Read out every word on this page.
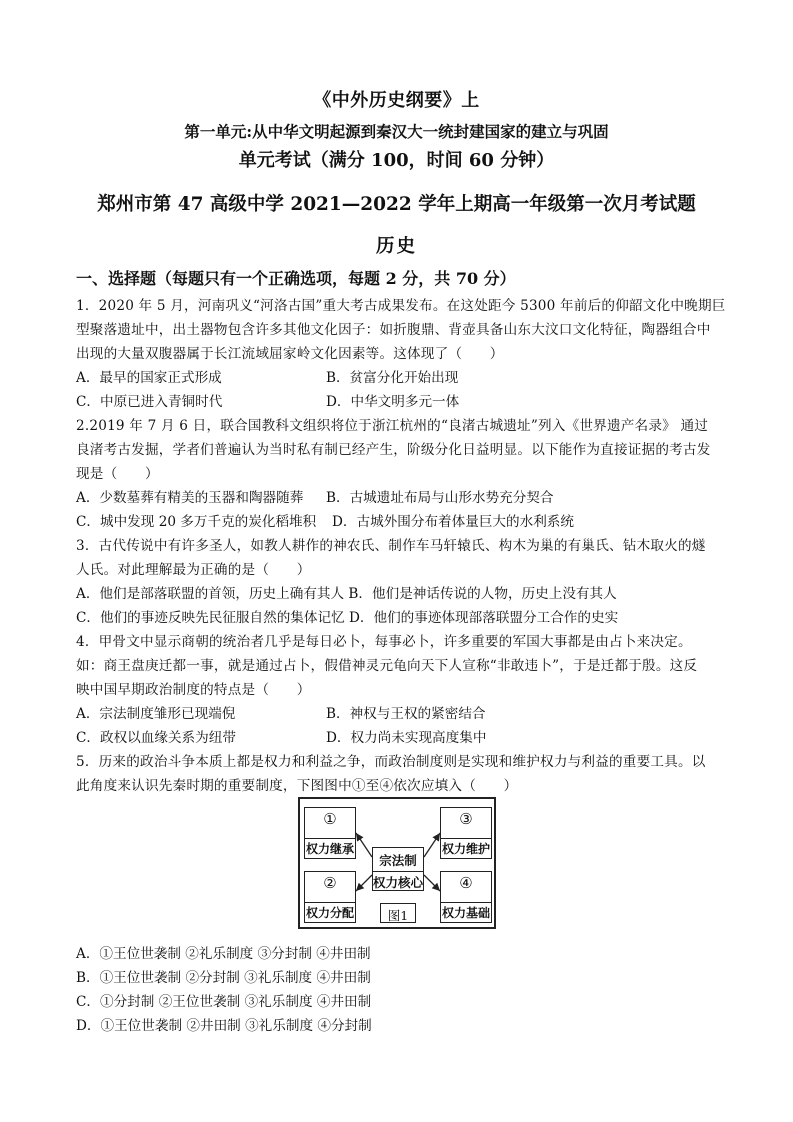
《中外历史纲要》上
第一单元:从中华文明起源到秦汉大一统封建国家的建立与巩固
单元考试（满分 100，时间 60 分钟）
郑州市第 47 高级中学 2021—2022 学年上期高一年级第一次月考试题
历史
一、选择题（每题只有一个正确选项，每题 2 分，共 70 分）
1．2020 年 5 月，河南巩义“河洛古国”重大考古成果发布。在这处距今 5300 年前后的仰韶文化中晚期巨
型聚落遗址中，出土器物包含许多其他文化因子：如折腹鼎、背壶具备山东大汶口文化特征，陶器组合中
出现的大量双腹器属于长江流域屈家岭文化因素等。这体现了（　　）
A．最早的国家正式形成	B．贫富分化开始出现
C．中原已进入青铜时代	D．中华文明多元一体
2.2019 年 7 月 6 日，联合国教科文组织将位于浙江杭州的“良渚古城遗址”列入《世界遗产名录》 通过
良渚考古发掘，学者们普遍认为当时私有制已经产生，阶级分化日益明显。以下能作为直接证据的考古发
现是（　　）
A．少数墓葬有精美的玉器和陶器随葬 B．古城遗址布局与山形水势充分契合
C．城中发现 20 多万千克的炭化稻堆积 D．古城外围分布着体量巨大的水利系统
3．古代传说中有许多圣人，如教人耕作的神农氏、制作车马轩辕氏、构木为巢的有巢氏、钻木取火的燧
人氏。对此理解最为正确的是（　　）
A．他们是部落联盟的首领，历史上确有其人 B．他们是神话传说的人物，历史上没有其人
C．他们的事迹反映先民征服自然的集体记忆 D．他们的事迹体现部落联盟分工合作的史实
4．甲骨文中显示商朝的统治者几乎是每日必卜，每事必卜，许多重要的军国大事都是由占卜来决定。
如：商王盘庚迁都一事，就是通过占卜，假借神灵元龟向天下人宣称“非敢违卜”，于是迁都于殷。这反
映中国早期政治制度的特点是（　　）
A．宗法制度雏形已现端倪	B．神权与王权的紧密结合
C．政权以血缘关系为纽带	D．权力尚未实现高度集中
5．历来的政治斗争本质上都是权力和利益之争，而政治制度则是实现和维护权力与利益的重要工具。以
此角度来认识先秦时期的重要制度，下图图中①至④依次应填入（　　）
①
权力继承
②
权力分配
③
权力维护
④
权力基础
宗法制
权力核心
图1
A．①王位世袭制 ②礼乐制度 ③分封制 ④井田制
B．①王位世袭制 ②分封制 ③礼乐制度 ④井田制
C．①分封制 ②王位世袭制 ③礼乐制度 ④井田制
D．①王位世袭制 ②井田制 ③礼乐制度 ④分封制
